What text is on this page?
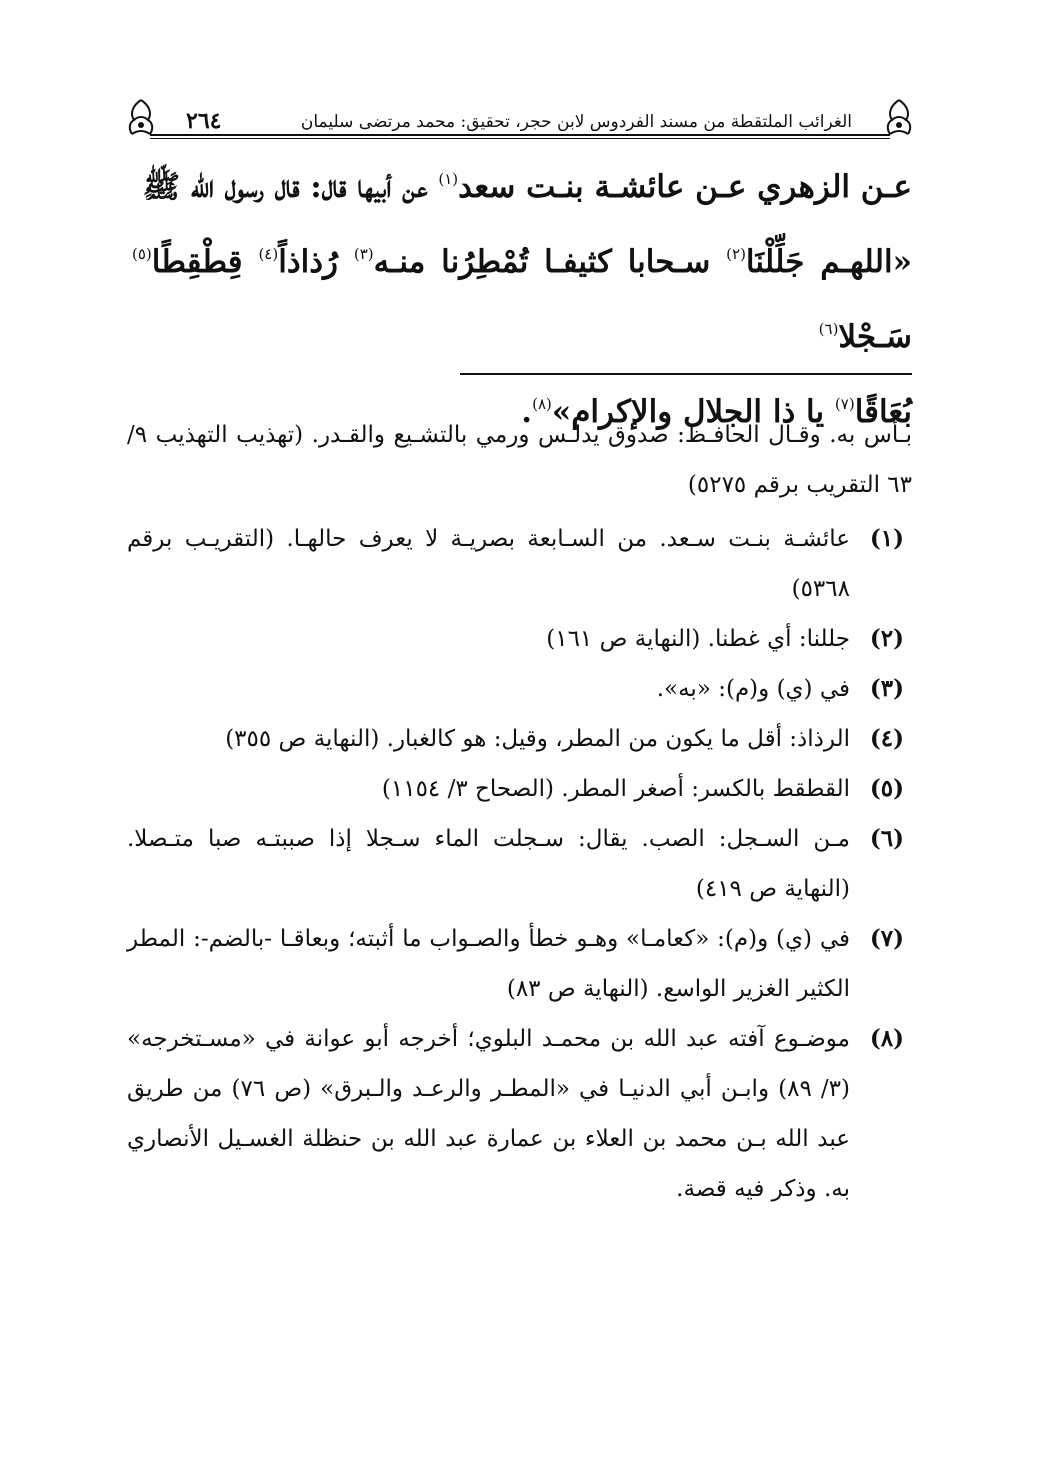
٢٦٤	الغرائب الملتقطة من مسند الفردوس لابن حجر، تحقيق: محمد مرتضى سليمان

عـن الزهري عـن عائشـة بنـت سعد$^{(١)}$ عن أبيها قال: قال رسول الله ﷺ

«اللهـم جَلِّلْنَا$^{(٢)}$ سـحابا كثيفـا تُمْطِرُنا منـه$^{(٣)}$ رُذاذاً$^{(٤)}$ قِطْقِطًا$^{(٥)}$ سَـجْلا$^{(٦)}$

بُعَاقًا$^{(٧)}$ يا ذا الجلال والإكرام»$^{(٨)}$.

بـأس به. وقـال الحافـظ: صدوق يدلـس ورمي بالتشـيع والقـدر. (تهذيب التهذيب ٩/ ٦٣ التقريب برقم ٥٢٧٥)

(١)
عائشـة بنـت سـعد. من السـابعة بصريـة لا يعرف حالهـا. (التقريـب برقم ٥٣٦٨)
(٢)
جللنا: أي غطنا. (النهاية ص ١٦١)
(٣)
في (ي) و(م): «به».
(٤)
الرذاذ: أقل ما يكون من المطر، وقيل: هو كالغبار. (النهاية ص ٣٥٥)
(٥)
القطقط بالكسر: أصغر المطر. (الصحاح ٣/ ١١٥٤)
(٦)
مـن السـجل: الصب. يقال: سـجلت الماء سـجلا إذا صببتـه صبا متـصلا. (النهاية ص ٤١٩)
(٧)
في (ي) و(م): «كعامـا» وهـو خطأ والصـواب ما أثبته؛ وبعاقـا -بالضم-: المطر الكثير الغزير الواسع. (النهاية ص ٨٣)
(٨)
موضـوع آفته عبد الله بن محمـد البلوي؛ أخرجه أبو عوانة في «مسـتخرجه» (٣/ ٨٩) وابـن أبي الدنيـا في «المطـر والرعـد والـبرق» (ص ٧٦) من طريق عبد الله بـن محمد بن العلاء بن عمارة عبد الله بن حنظلة الغسـيل الأنصاري به. وذكر فيه قصة.
